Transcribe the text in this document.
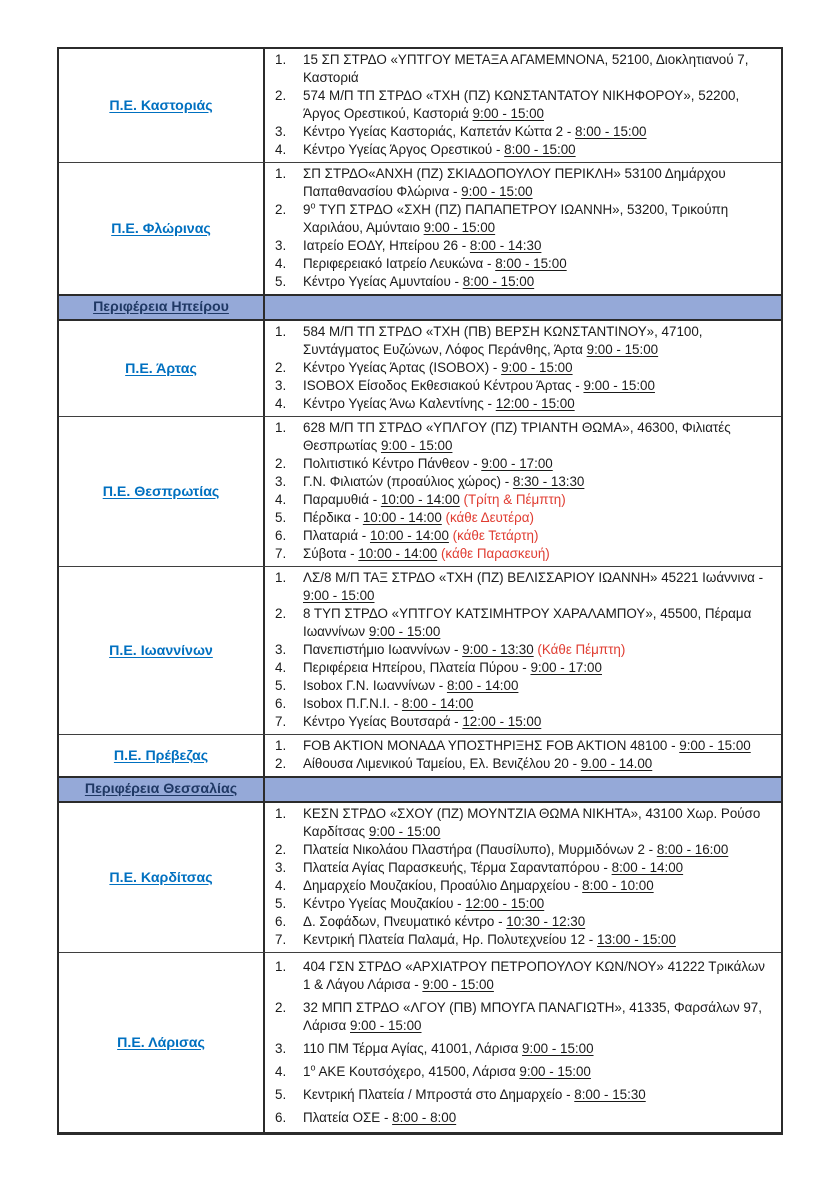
Π.Ε. Καστοριάς
1.	15 ΣΠ ΣΤΡΔΟ «ΥΠΤΓΟΥ ΜΕΤΑΞΑ ΑΓΑΜΕΜΝΟΝΑ, 52100, Διοκλητιανού 7, Καστοριά
2.	574 Μ/Π ΤΠ ΣΤΡΔΟ «ΤΧΗ (ΠΖ) ΚΩΝΣΤΑΝΤΑΤΟΥ ΝΙΚΗΦΟΡΟΥ», 52200, Άργος Ορεστικού, Καστοριά 9:00 - 15:00
3.	Κέντρο Υγείας Καστοριάς, Καπετάν Κώττα 2 - 8:00 - 15:00
4.	Κέντρο Υγείας Άργος Ορεστικού - 8:00 - 15:00
Π.Ε. Φλώρινας
1.	ΣΠ ΣΤΡΔΟ«ΑΝΧΗ (ΠΖ) ΣΚΙΑΔΟΠΟΥΛΟΥ ΠΕΡΙΚΛΗ» 53100 Δημάρχου Παπαθανασίου Φλώρινα - 9:00 - 15:00
2.	$9^o$ ΤΥΠ ΣΤΡΔΟ «ΣΧΗ (ΠΖ) ΠΑΠΑΠΕΤΡΟΥ ΙΩΑΝΝΗ», 53200, Τρικούπη Χαριλάου, Αμύνταιο 9:00 - 15:00
3.	Ιατρείο ΕΟΔΥ, Ηπείρου 26 - 8:00 - 14:30
4.	Περιφερειακό Ιατρείο Λευκώνα - 8:00 - 15:00
5.	Κέντρο Υγείας Αμυνταίου - 8:00 - 15:00
Περιφέρεια Ηπείρου
Π.Ε. Άρτας
1.	584 Μ/Π ΤΠ ΣΤΡΔΟ «ΤΧΗ (ΠΒ) ΒΕΡΣΗ ΚΩΝΣΤΑΝΤΙΝΟΥ», 47100, Συντάγματος Ευζώνων, Λόφος Περάνθης, Άρτα 9:00 - 15:00
2.	Κέντρο Υγείας Άρτας (ISOBOX) - 9:00 - 15:00
3.	ISOBOX Είσοδος Εκθεσιακού Κέντρου Άρτας - 9:00 - 15:00
4.	Κέντρο Υγείας Άνω Καλεντίνης - 12:00 - 15:00
Π.Ε. Θεσπρωτίας
1.	628 Μ/Π ΤΠ ΣΤΡΔΟ «ΥΠΛΓΟΥ (ΠΖ) ΤΡΙΑΝΤΗ ΘΩΜΑ», 46300, Φιλιατές Θεσπρωτίας 9:00 - 15:00
2.	Πολιτιστικό Κέντρο Πάνθεον - 9:00 - 17:00
3.	Γ.Ν. Φιλιατών (προαύλιος χώρος) - 8:30 - 13:30
4.	Παραμυθιά - 10:00 - 14:00 (Τρίτη & Πέμπτη)
5.	Πέρδικα - 10:00 - 14:00 (κάθε Δευτέρα)
6.	Πλαταριά - 10:00 - 14:00 (κάθε Τετάρτη)
7.	Σύβοτα - 10:00 - 14:00 (κάθε Παρασκευή)
Π.Ε. Ιωαννίνων
1.	ΛΣ/8 Μ/Π ΤΑΞ ΣΤΡΔΟ «ΤΧΗ (ΠΖ) ΒΕΛΙΣΣΑΡΙΟΥ ΙΩΑΝΝΗ» 45221 Ιωάννινα - 9:00 - 15:00
2.	8 ΤΥΠ ΣΤΡΔΟ «ΥΠΤΓΟΥ ΚΑΤΣΙΜΗΤΡΟΥ ΧΑΡΑΛΑΜΠΟΥ», 45500, Πέραμα Ιωαννίνων 9:00 - 15:00
3.	Πανεπιστήμιο Ιωαννίνων - 9:00 - 13:30 (Κάθε Πέμπτη)
4.	Περιφέρεια Ηπείρου, Πλατεία Πύρου - 9:00 - 17:00
5.	Isobox Γ.Ν. Ιωαννίνων - 8:00 - 14:00
6.	Isobox Π.Γ.Ν.Ι. - 8:00 - 14:00
7.	Κέντρο Υγείας Βουτσαρά - 12:00 - 15:00
Π.Ε. Πρέβεζας
1.	FOB AKTION ΜΟΝΑΔΑ ΥΠΟΣΤΗΡΙΞΗΣ FOB AKTION 48100 - 9:00 - 15:00
2.	Αίθουσα Λιμενικού Ταμείου, Ελ. Βενιζέλου 20 - 9.00 - 14.00
Περιφέρεια Θεσσαλίας
Π.Ε. Καρδίτσας
1.	ΚΕΣΝ ΣΤΡΔΟ «ΣΧΟΥ (ΠΖ) ΜΟΥΝΤΖΙΑ ΘΩΜΑ ΝΙΚΗΤΑ», 43100 Χωρ. Ρούσο Καρδίτσας 9:00 - 15:00
2.	Πλατεία Νικολάου Πλαστήρα (Παυσίλυπο), Μυρμιδόνων 2 - 8:00 - 16:00
3.	Πλατεία Αγίας Παρασκευής, Τέρμα Σαρανταπόρου - 8:00 - 14:00
4.	Δημαρχείο Μουζακίου, Προαύλιο Δημαρχείου - 8:00 - 10:00
5.	Κέντρο Υγείας Μουζακίου - 12:00 - 15:00
6.	Δ. Σοφάδων, Πνευματικό κέντρο - 10:30 - 12:30
7.	Κεντρική Πλατεία Παλαμά, Ηρ. Πολυτεχνείου 12 - 13:00 - 15:00
Π.Ε. Λάρισας
1.	404 ΓΣΝ ΣΤΡΔΟ «ΑΡΧΙΑΤΡΟΥ ΠΕΤΡΟΠΟΥΛΟΥ ΚΩΝ/ΝΟΥ» 41222 Τρικάλων 1 & Λάγου Λάρισα - 9:00 - 15:00
2.	32 ΜΠΠ ΣΤΡΔΟ «ΛΓΟΥ (ΠΒ) ΜΠΟΥΓΑ ΠΑΝΑΓΙΩΤΗ», 41335, Φαρσάλων 97, Λάρισα 9:00 - 15:00
3.	110 ΠΜ Τέρμα Αγίας, 41001, Λάρισα 9:00 - 15:00
4.	$1^o$ ΑΚΕ Κουτσόχερο, 41500, Λάρισα 9:00 - 15:00
5.	Κεντρική Πλατεία / Μπροστά στο Δημαρχείο - 8:00 - 15:30
6.	Πλατεία ΟΣΕ - 8:00 - 8:00
